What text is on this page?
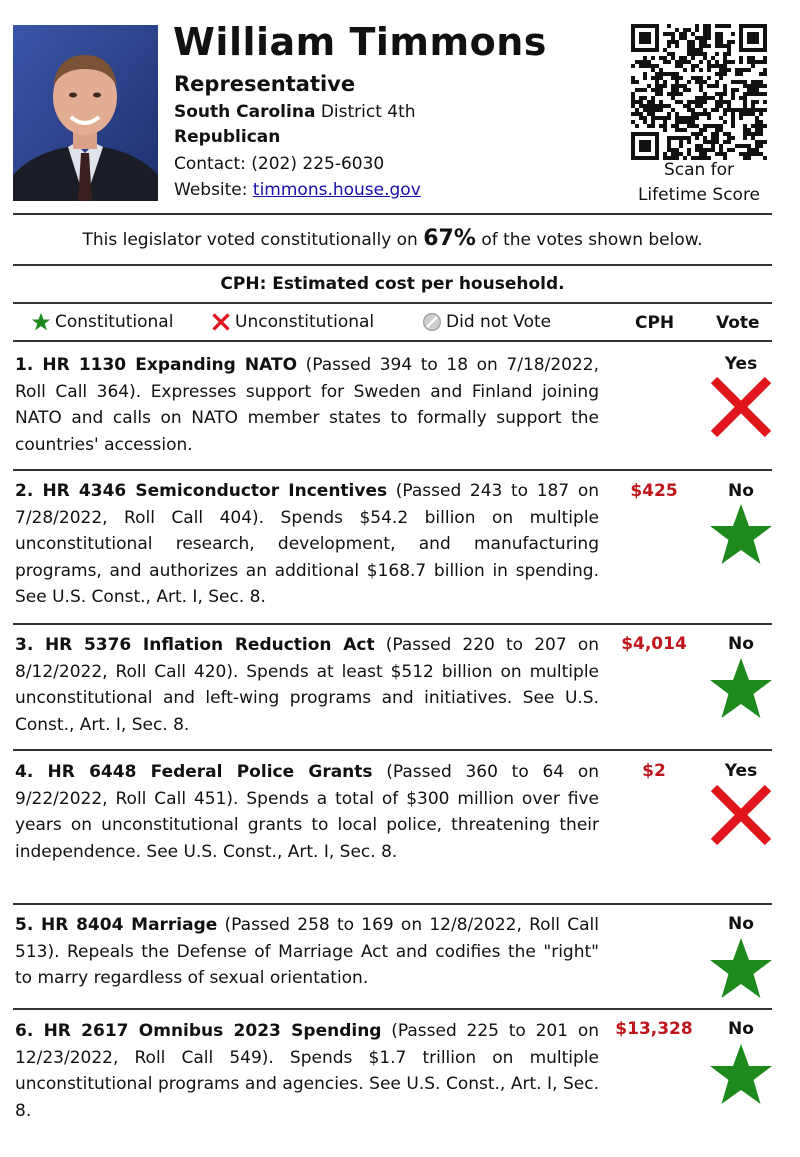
William Timmons
Representative
South Carolina District 4th
Republican
Contact: (202) 225-6030
Website: timmons.house.gov
Scan for
Lifetime Score
This legislator voted constitutionally on 67% of the votes shown below.
CPH: Estimated cost per household.
Constitutional	Unconstitutional	Did not Vote	CPH Vote
1. HR 1130 Expanding NATO (Passed 394 to 18 on 7/18/2022, Roll Call 364). Expresses support for Sweden and Finland joining NATO and calls on NATO member states to formally support the countries' accession.
Yes
2. HR 4346 Semiconductor Incentives (Passed 243 to 187 on 7/28/2022, Roll Call 404). Spends $54.2 billion on multiple unconstitutional research, development, and manufacturing programs, and authorizes an additional $168.7 billion in spending. See U.S. Const., Art. I, Sec. 8.
$425	No
3. HR 5376 Inflation Reduction Act (Passed 220 to 207 on 8/12/2022, Roll Call 420). Spends at least $512 billion on multiple unconstitutional and left-wing programs and initiatives. See U.S. Const., Art. I, Sec. 8.
$4,014	No
4. HR 6448 Federal Police Grants (Passed 360 to 64 on 9/22/2022, Roll Call 451). Spends a total of $300 million over five years on unconstitutional grants to local police, threatening their independence. See U.S. Const., Art. I, Sec. 8.
$2	Yes
5. HR 8404 Marriage (Passed 258 to 169 on 12/8/2022, Roll Call 513). Repeals the Defense of Marriage Act and codifies the "right" to marry regardless of sexual orientation.
No
6. HR 2617 Omnibus 2023 Spending (Passed 225 to 201 on 12/23/2022, Roll Call 549). Spends $1.7 trillion on multiple unconstitutional programs and agencies. See U.S. Const., Art. I, Sec. 8.
$13,328	No
